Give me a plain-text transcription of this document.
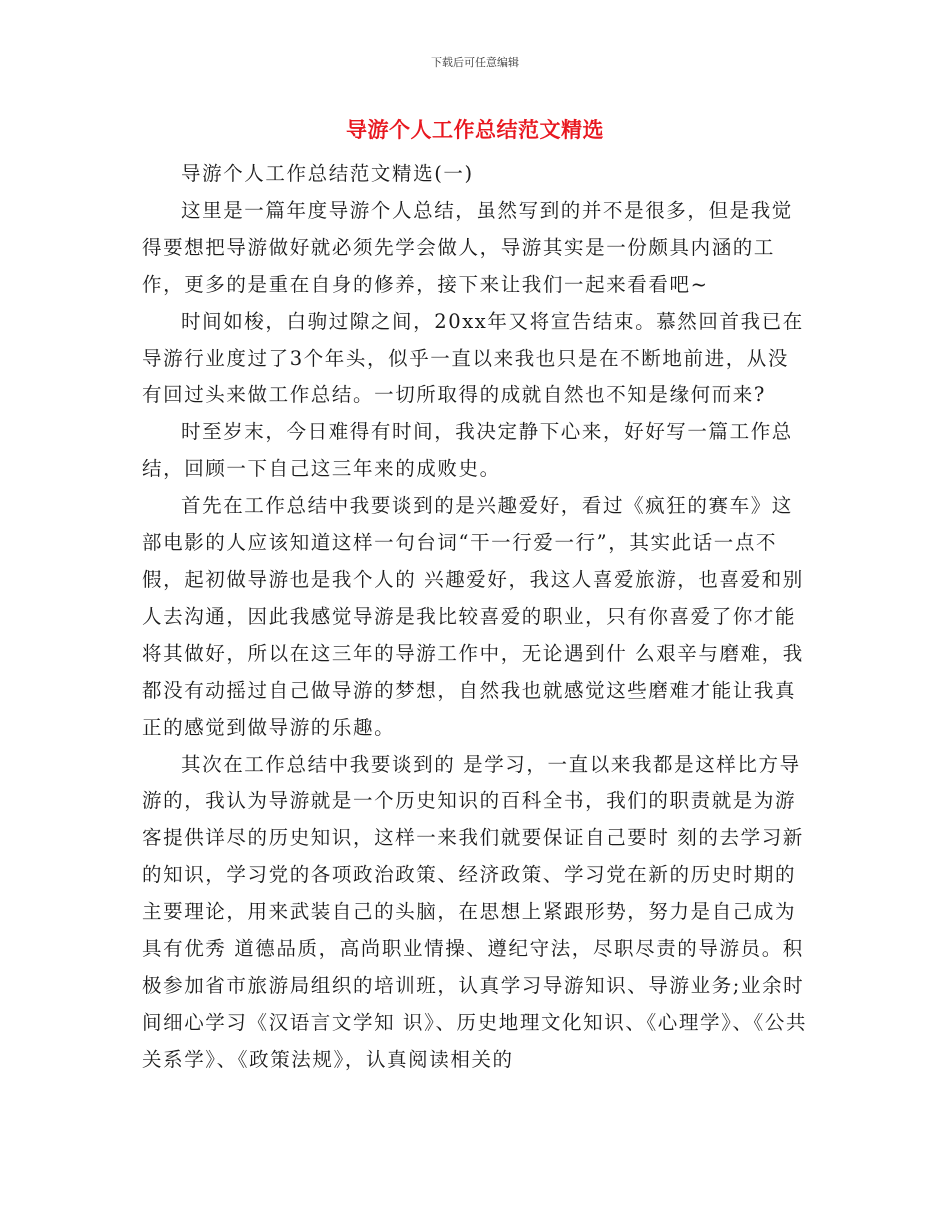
下载后可任意编辑
导游个人工作总结范文精选

导游个人工作总结范文精选(一)

这里是一篇年度导游个人总结，虽然写到的并不是很多，但是我觉得要想把导游做好就必须先学会做人，导游其实是一份颇具内涵的工作，更多的是重在自身的修养，接下来让我们一起来看看吧~

时间如梭，白驹过隙之间，20xx年又将宣告结束。慕然回首我已在导游行业度过了3个年头，似乎一直以来我也只是在不断地前进，从没有回过头来做工作总结。一切所取得的成就自然也不知是缘何而来?

时至岁末，今日难得有时间，我决定静下心来，好好写一篇工作总结，回顾一下自己这三年来的成败史。

首先在工作总结中我要谈到的是兴趣爱好，看过《疯狂的赛车》这部电影的人应该知道这样一句台词“干一行爱一行”，其实此话一点不假，起初做导游也是我个人的 兴趣爱好，我这人喜爱旅游，也喜爱和别人去沟通，因此我感觉导游是我比较喜爱的职业，只有你喜爱了你才能将其做好，所以在这三年的导游工作中，无论遇到什 么艰辛与磨难，我都没有动摇过自己做导游的梦想，自然我也就感觉这些磨难才能让我真正的感觉到做导游的乐趣。

其次在工作总结中我要谈到的 是学习，一直以来我都是这样比方导游的，我认为导游就是一个历史知识的百科全书，我们的职责就是为游客提供详尽的历史知识，这样一来我们就要保证自己要时 刻的去学习新的知识，学习党的各项政治政策、经济政策、学习党在新的历史时期的主要理论，用来武装自己的头脑，在思想上紧跟形势，努力是自己成为具有优秀 道德品质，高尚职业情操、遵纪守法，尽职尽责的导游员。积极参加省市旅游局组织的培训班，认真学习导游知识、导游业务;业余时间细心学习《汉语言文学知 识》、历史地理文化知识、《心理学》、《公共关系学》、《政策法规》，认真阅读相关的
